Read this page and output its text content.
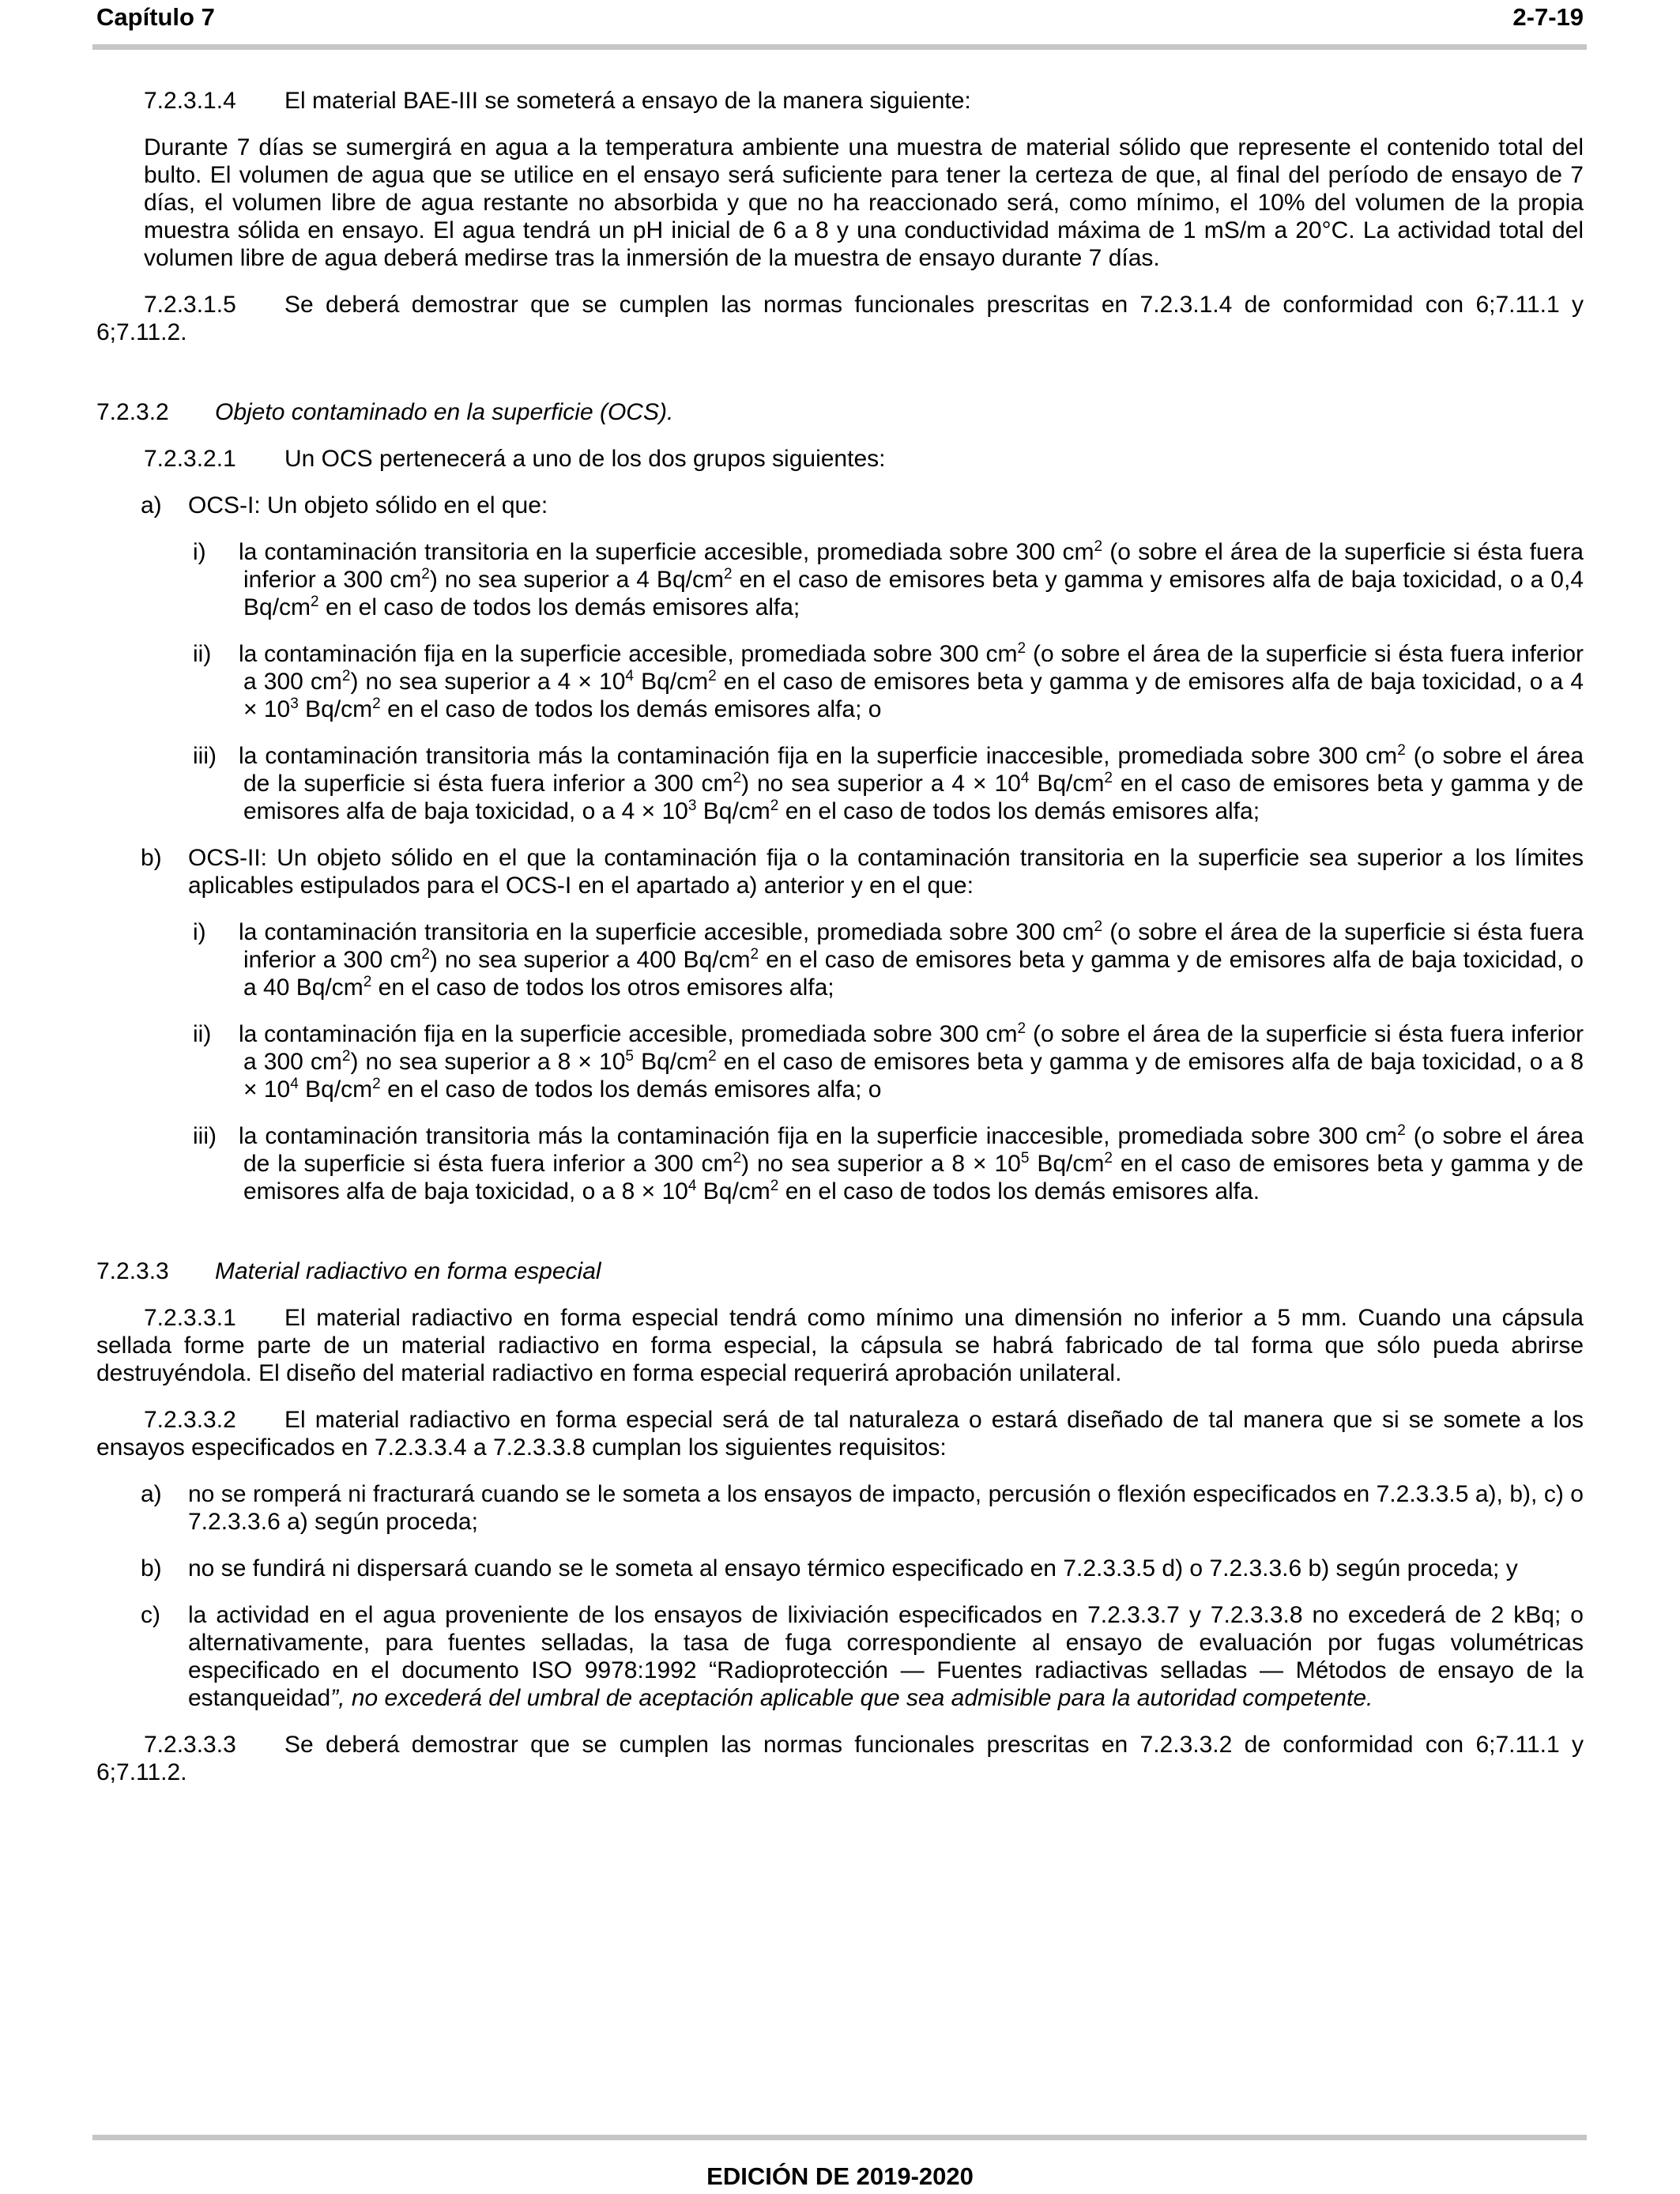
Capítulo 7	2-7-19

7.2.3.1.4 El material BAE-III se someterá a ensayo de la manera siguiente:

Durante 7 días se sumergirá en agua a la temperatura ambiente una muestra de material sólido que represente el contenido total del bulto. El volumen de agua que se utilice en el ensayo será suficiente para tener la certeza de que, al final del período de ensayo de 7 días, el volumen libre de agua restante no absorbida y que no ha reaccionado será, como mínimo, el 10% del volumen de la propia muestra sólida en ensayo. El agua tendrá un pH inicial de 6 a 8 y una conductividad máxima de 1 mS/m a 20°C. La actividad total del volumen libre de agua deberá medirse tras la inmersión de la muestra de ensayo durante 7 días.

7.2.3.1.5 Se deberá demostrar que se cumplen las normas funcionales prescritas en 7.2.3.1.4 de conformidad con 6;7.11.1 y 6;7.11.2.

7.2.3.2 Objeto contaminado en la superficie (OCS).

7.2.3.2.1 Un OCS pertenecerá a uno de los dos grupos siguientes:

a) OCS-I: Un objeto sólido en el que:

i) la contaminación transitoria en la superficie accesible, promediada sobre 300 $cm^2$ (o sobre el área de la superficie si ésta fuera inferior a 300 $cm^2$) no sea superior a 4 $Bq/cm^2$ en el caso de emisores beta y gamma y emisores alfa de baja toxicidad, o a 0,4 $Bq/cm^2$ en el caso de todos los demás emisores alfa;

ii) la contaminación fija en la superficie accesible, promediada sobre 300 $cm^2$ (o sobre el área de la superficie si ésta fuera inferior a 300 $cm^2$) no sea superior a $4 \times 10^4$ $Bq/cm^2$ en el caso de emisores beta y gamma y de emisores alfa de baja toxicidad, o a $4 \times 10^3$ $Bq/cm^2$ en el caso de todos los demás emisores alfa; o

iii) la contaminación transitoria más la contaminación fija en la superficie inaccesible, promediada sobre 300 $cm^2$ (o sobre el área de la superficie si ésta fuera inferior a 300 $cm^2$) no sea superior a $4 \times 10^4$ $Bq/cm^2$ en el caso de emisores beta y gamma y de emisores alfa de baja toxicidad, o a $4 \times 10^3$ $Bq/cm^2$ en el caso de todos los demás emisores alfa;

b) OCS-II: Un objeto sólido en el que la contaminación fija o la contaminación transitoria en la superficie sea superior a los límites aplicables estipulados para el OCS-I en el apartado a) anterior y en el que:

i) la contaminación transitoria en la superficie accesible, promediada sobre 300 $cm^2$ (o sobre el área de la superficie si ésta fuera inferior a 300 $cm^2$) no sea superior a 400 $Bq/cm^2$ en el caso de emisores beta y gamma y de emisores alfa de baja toxicidad, o a 40 $Bq/cm^2$ en el caso de todos los otros emisores alfa;

ii) la contaminación fija en la superficie accesible, promediada sobre 300 $cm^2$ (o sobre el área de la superficie si ésta fuera inferior a 300 $cm^2$) no sea superior a $8 \times 10^5$ $Bq/cm^2$ en el caso de emisores beta y gamma y de emisores alfa de baja toxicidad, o a $8 \times 10^4$ $Bq/cm^2$ en el caso de todos los demás emisores alfa; o

iii) la contaminación transitoria más la contaminación fija en la superficie inaccesible, promediada sobre 300 $cm^2$ (o sobre el área de la superficie si ésta fuera inferior a 300 $cm^2$) no sea superior a $8 \times 10^5$ $Bq/cm^2$ en el caso de emisores beta y gamma y de emisores alfa de baja toxicidad, o a $8 \times 10^4$ $Bq/cm^2$ en el caso de todos los demás emisores alfa.

7.2.3.3 Material radiactivo en forma especial

7.2.3.3.1 El material radiactivo en forma especial tendrá como mínimo una dimensión no inferior a 5 mm. Cuando una cápsula sellada forme parte de un material radiactivo en forma especial, la cápsula se habrá fabricado de tal forma que sólo pueda abrirse destruyéndola. El diseño del material radiactivo en forma especial requerirá aprobación unilateral.

7.2.3.3.2 El material radiactivo en forma especial será de tal naturaleza o estará diseñado de tal manera que si se somete a los ensayos especificados en 7.2.3.3.4 a 7.2.3.3.8 cumplan los siguientes requisitos:

a) no se romperá ni fracturará cuando se le someta a los ensayos de impacto, percusión o flexión especificados en 7.2.3.3.5 a), b), c) o 7.2.3.3.6 a) según proceda;

b) no se fundirá ni dispersará cuando se le someta al ensayo térmico especificado en 7.2.3.3.5 d) o 7.2.3.3.6 b) según proceda; y

c) la actividad en el agua proveniente de los ensayos de lixiviación especificados en 7.2.3.3.7 y 7.2.3.3.8 no excederá de 2 kBq; o alternativamente, para fuentes selladas, la tasa de fuga correspondiente al ensayo de evaluación por fugas volumétricas especificado en el documento ISO 9978:1992 “Radioprotección — Fuentes radiactivas selladas — Métodos de ensayo de la estanqueidad”, no excederá del umbral de aceptación aplicable que sea admisible para la autoridad competente.

7.2.3.3.3 Se deberá demostrar que se cumplen las normas funcionales prescritas en 7.2.3.3.2 de conformidad con 6;7.11.1 y 6;7.11.2.

EDICIÓN DE 2019-2020
